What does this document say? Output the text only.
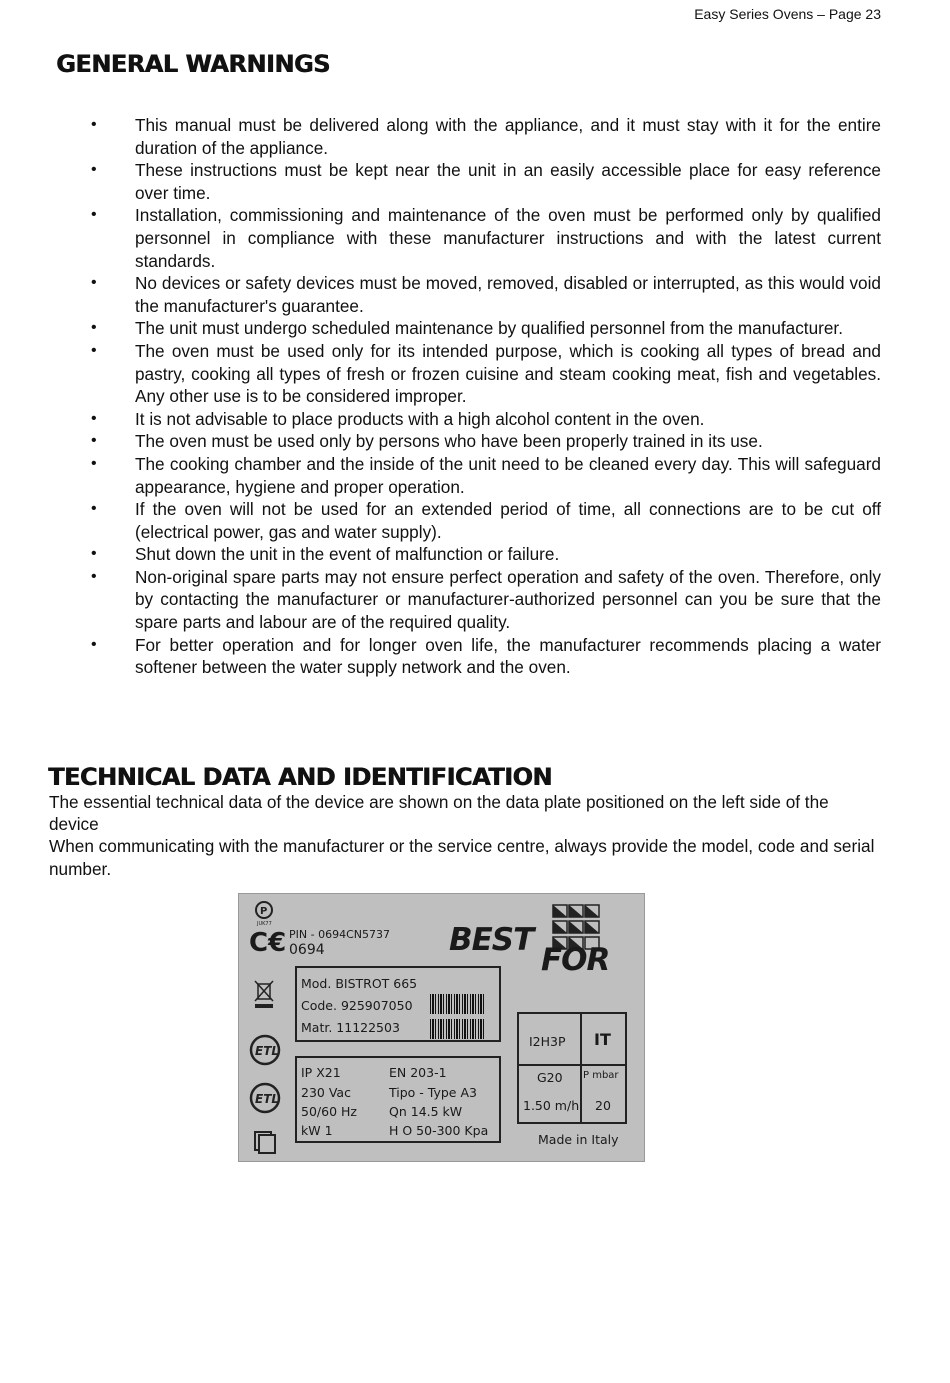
Easy Series Ovens – Page 23
GENERAL WARNINGS
• This manual must be delivered along with the appliance, and it must stay with it for the entire duration of the appliance.
• These instructions must be kept near the unit in an easily accessible place for easy reference over time.
• Installation, commissioning and maintenance of the oven must be performed only by qualified personnel in compliance with these manufacturer instructions and with the latest current standards.
• No devices or safety devices must be moved, removed, disabled or interrupted, as this would void the manufacturer's guarantee.
• The unit must undergo scheduled maintenance by qualified personnel from the manufacturer.
• The oven must be used only for its intended purpose, which is cooking all types of bread and pastry, cooking all types of fresh or frozen cuisine and steam cooking meat, fish and vegetables. Any other use is to be considered improper.
• It is not advisable to place products with a high alcohol content in the oven.
• The oven must be used only by persons who have been properly trained in its use.
• The cooking chamber and the inside of the unit need to be cleaned every day. This will safeguard appearance, hygiene and proper operation.
• If the oven will not be used for an extended period of time, all connections are to be cut off (electrical power, gas and water supply).
• Shut down the unit in the event of malfunction or failure.
• Non-original spare parts may not ensure perfect operation and safety of the oven. Therefore, only by contacting the manufacturer or manufacturer-authorized personnel can you be sure that the spare parts and labour are of the required quality.
• For better operation and for longer oven life, the manufacturer recommends placing a water softener between the water supply network and the oven.
TECHNICAL DATA AND IDENTIFICATION

The essential technical data of the device are shown on the data plate positioned on the left side of the device

When communicating with the manufacturer or the service centre, always provide the model, code and serial number.

P
JUK77
C€
ETL
ETL
PIN - 0694CN5737
0694	BEST
FOR
Mod. BISTROT 665
Code. 925907050
Matr. 11122503
IP X21
230 Vac
50/60 Hz
kW 1
EN 203-1
Tipo - Type A3
Qn 14.5 kW
H O 50-300 Kpa
I2H3P IT
G20 P mbar
1.50 m/h 20
Made in Italy
